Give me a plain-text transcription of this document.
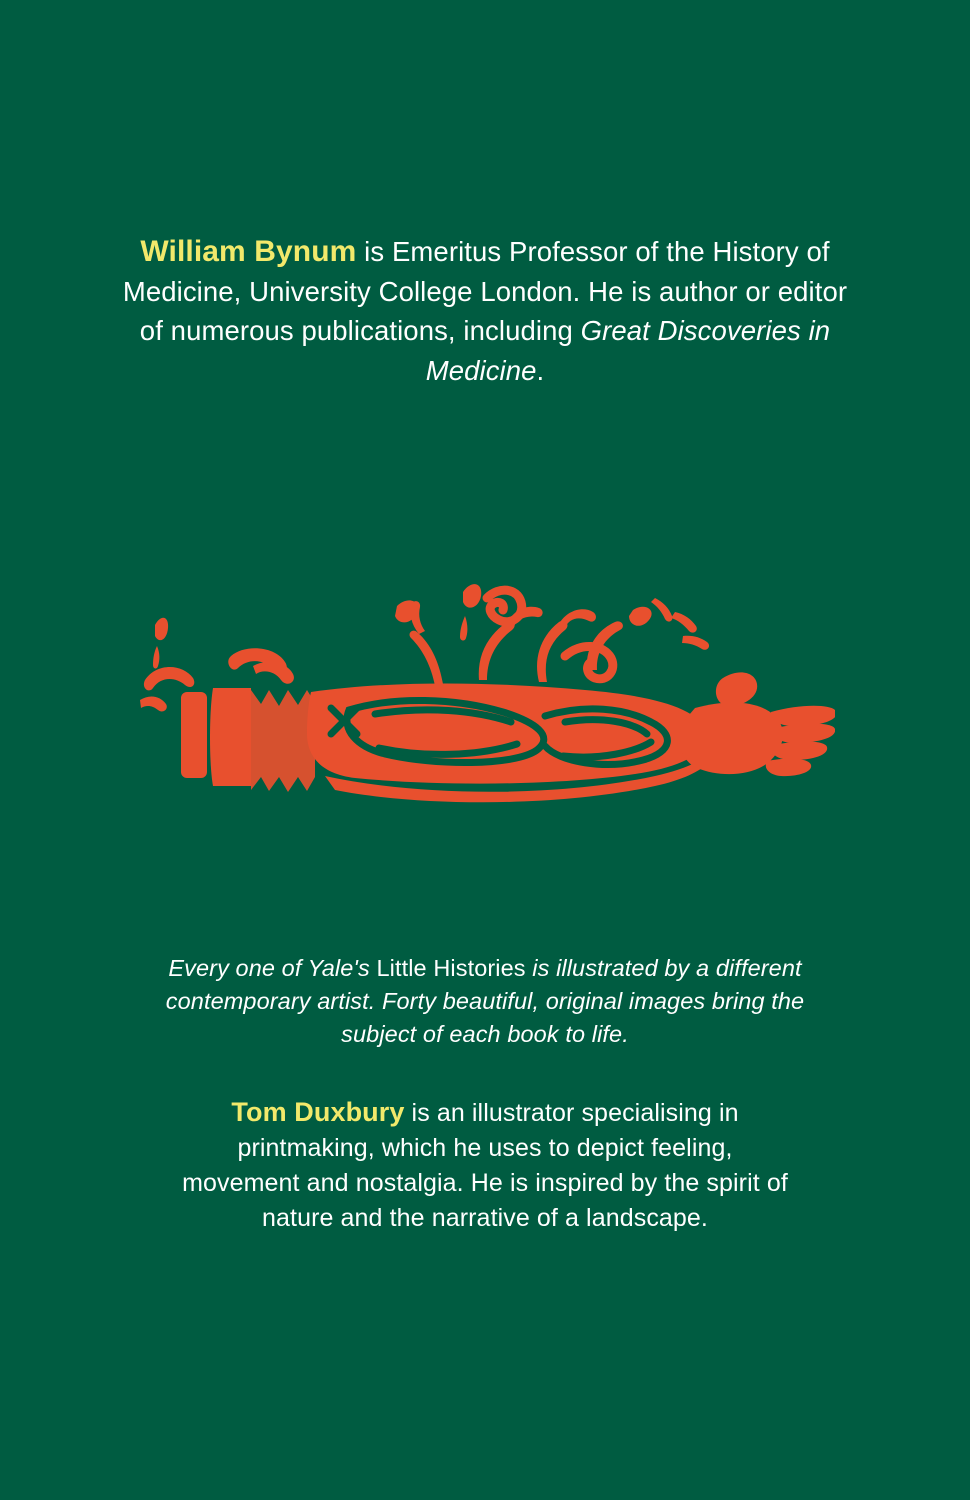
William Bynum is Emeritus Professor of the History of Medicine, University College London. He is author or editor of numerous publications, including Great Discoveries in Medicine.

Every one of Yale's Little Histories is illustrated by a different contemporary artist. Forty beautiful, original images bring the subject of each book to life.

Tom Duxbury is an illustrator specialising in printmaking, which he uses to depict feeling, movement and nostalgia. He is inspired by the spirit of nature and the narrative of a landscape.
